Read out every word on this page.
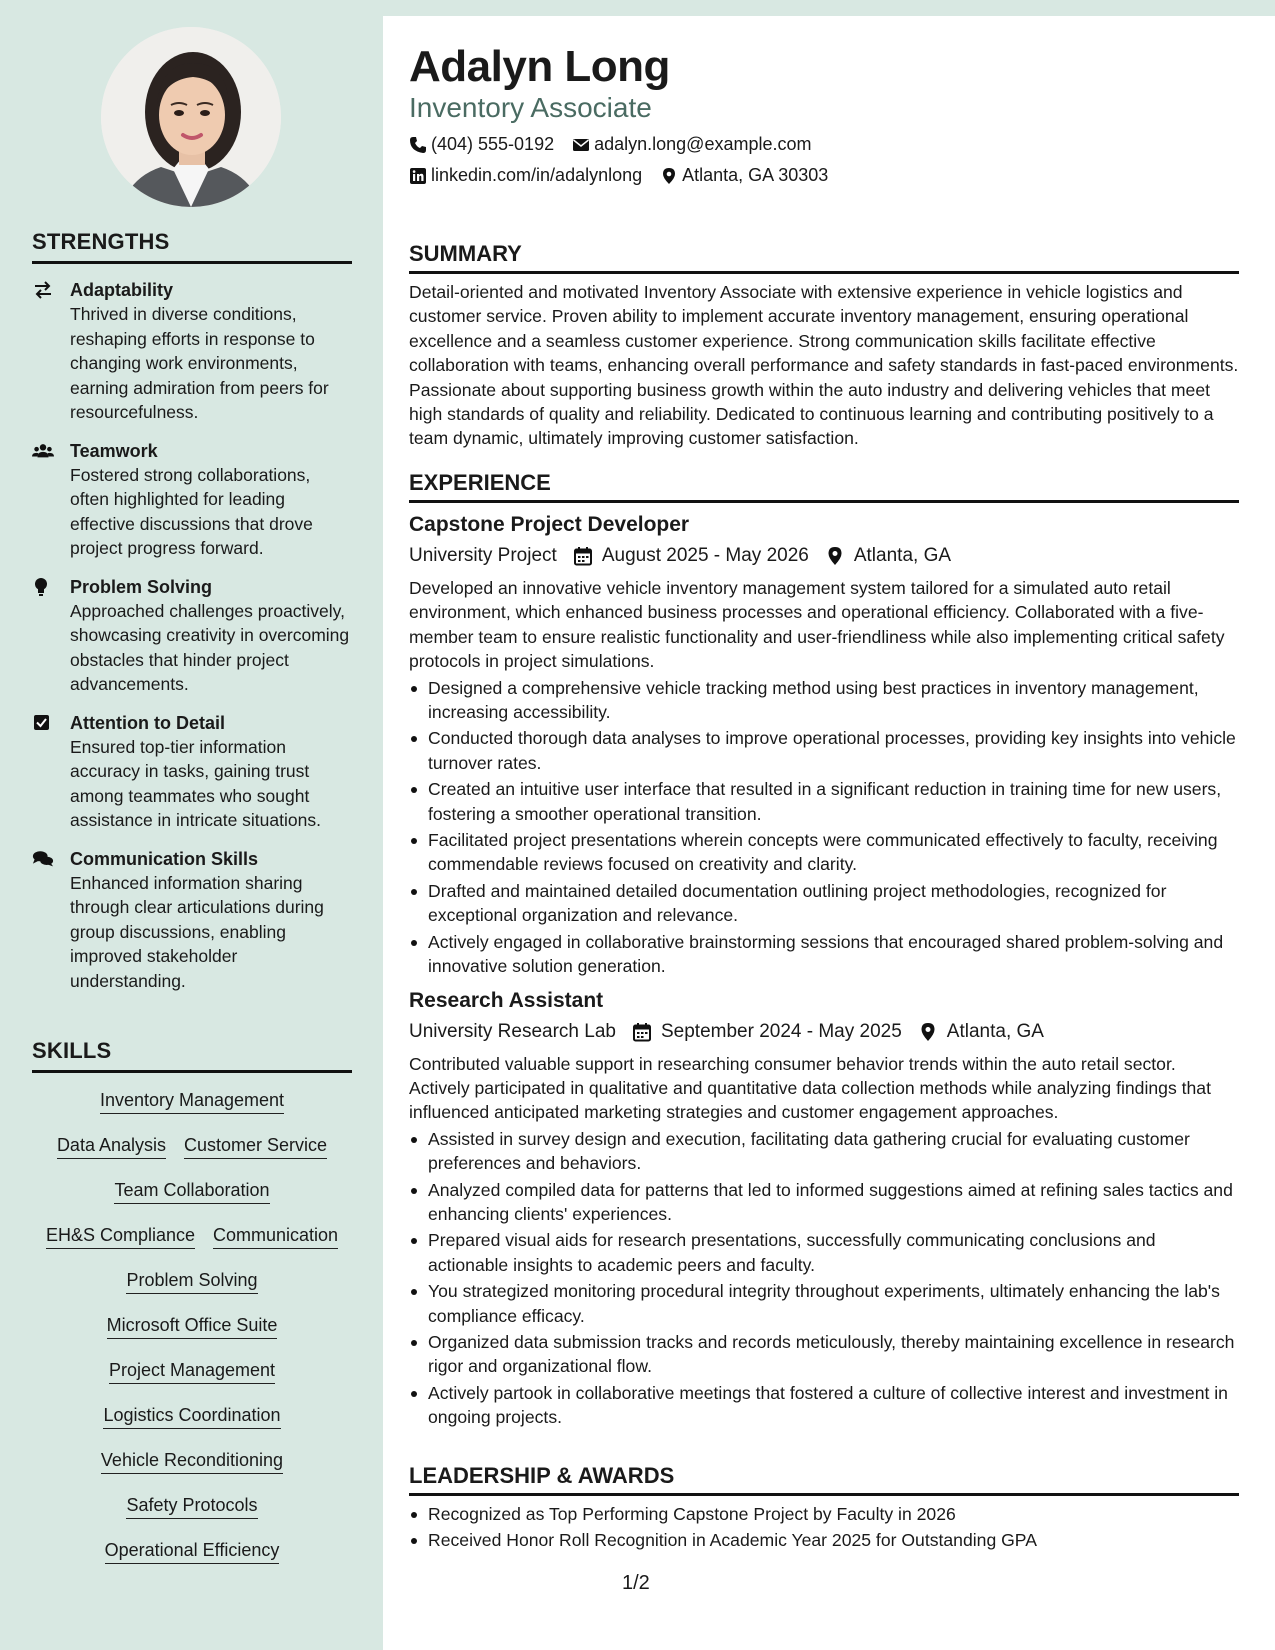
STRENGTHS
Adaptability
Thrived in diverse conditions, reshaping efforts in response to changing work environments, earning admiration from peers for resourcefulness.
Teamwork
Fostered strong collaborations, often highlighted for leading effective discussions that drove project progress forward.
Problem Solving
Approached challenges proactively, showcasing creativity in overcoming obstacles that hinder project advancements.
Attention to Detail
Ensured top-tier information accuracy in tasks, gaining trust among teammates who sought assistance in intricate situations.
Communication Skills
Enhanced information sharing through clear articulations during group discussions, enabling improved stakeholder understanding.
SKILLS
Inventory Management
Data Analysis Customer Service
Team Collaboration
EH&S Compliance Communication
Problem Solving
Microsoft Office Suite
Project Management
Logistics Coordination
Vehicle Reconditioning
Safety Protocols
Operational Efficiency
Adalyn Long
Inventory Associate
(404) 555-0192 adalyn.long@example.com
linkedin.com/in/adalynlong Atlanta, GA 30303
SUMMARY
Detail-oriented and motivated Inventory Associate with extensive experience in vehicle logistics and customer service. Proven ability to implement accurate inventory management, ensuring operational excellence and a seamless customer experience. Strong communication skills facilitate effective collaboration with teams, enhancing overall performance and safety standards in fast-paced environments. Passionate about supporting business growth within the auto industry and delivering vehicles that meet high standards of quality and reliability. Dedicated to continuous learning and contributing positively to a team dynamic, ultimately improving customer satisfaction.
EXPERIENCE
Capstone Project Developer
University Project August 2025 - May 2026 Atlanta, GA
Developed an innovative vehicle inventory management system tailored for a simulated auto retail environment, which enhanced business processes and operational efficiency. Collaborated with a five-member team to ensure realistic functionality and user-friendliness while also implementing critical safety protocols in project simulations.
Designed a comprehensive vehicle tracking method using best practices in inventory management, increasing accessibility.
Conducted thorough data analyses to improve operational processes, providing key insights into vehicle turnover rates.
Created an intuitive user interface that resulted in a significant reduction in training time for new users, fostering a smoother operational transition.
Facilitated project presentations wherein concepts were communicated effectively to faculty, receiving commendable reviews focused on creativity and clarity.
Drafted and maintained detailed documentation outlining project methodologies, recognized for exceptional organization and relevance.
Actively engaged in collaborative brainstorming sessions that encouraged shared problem-solving and innovative solution generation.
Research Assistant
University Research Lab September 2024 - May 2025 Atlanta, GA
Contributed valuable support in researching consumer behavior trends within the auto retail sector. Actively participated in qualitative and quantitative data collection methods while analyzing findings that influenced anticipated marketing strategies and customer engagement approaches.
Assisted in survey design and execution, facilitating data gathering crucial for evaluating customer preferences and behaviors.
Analyzed compiled data for patterns that led to informed suggestions aimed at refining sales tactics and enhancing clients' experiences.
Prepared visual aids for research presentations, successfully communicating conclusions and actionable insights to academic peers and faculty.
You strategized monitoring procedural integrity throughout experiments, ultimately enhancing the lab's compliance efficacy.
Organized data submission tracks and records meticulously, thereby maintaining excellence in research rigor and organizational flow.
Actively partook in collaborative meetings that fostered a culture of collective interest and investment in ongoing projects.
LEADERSHIP & AWARDS
Recognized as Top Performing Capstone Project by Faculty in 2026
Received Honor Roll Recognition in Academic Year 2025 for Outstanding GPA
1/2
